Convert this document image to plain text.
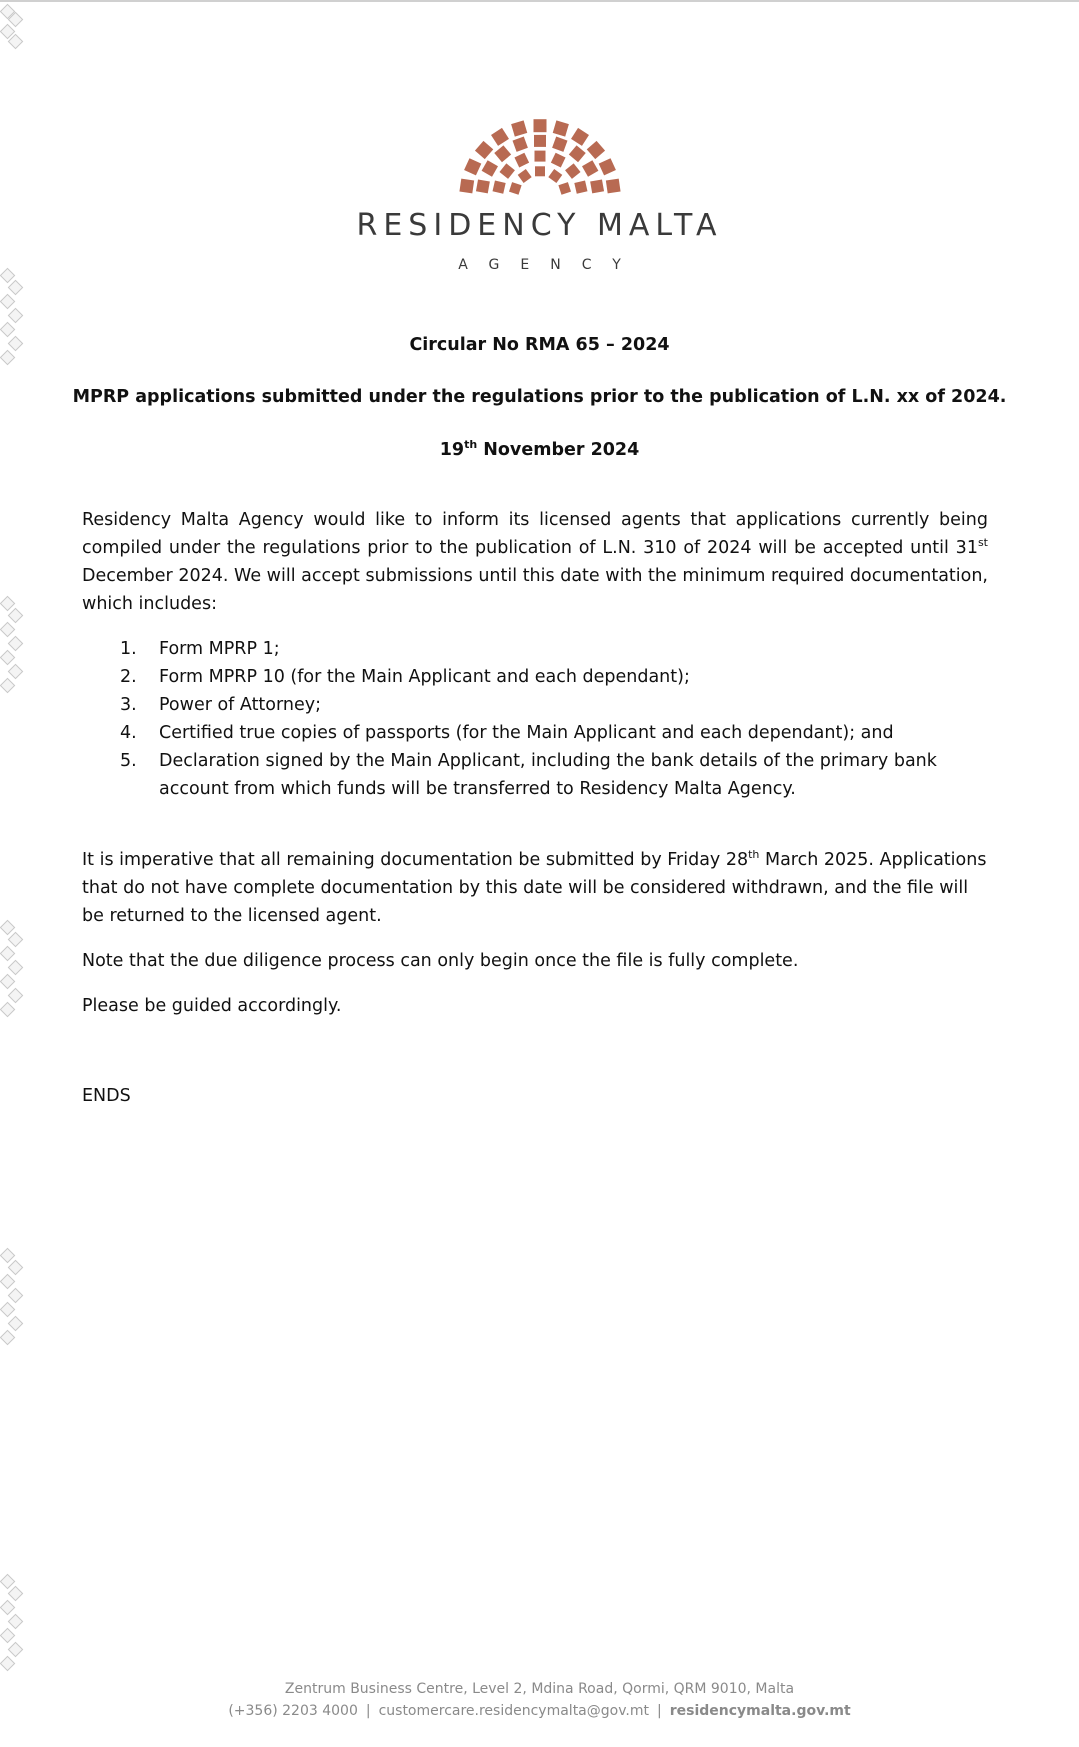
RESIDENCY MALTA
AGENCY
Circular No RMA 65 – 2024
MPRP applications submitted under the regulations prior to the publication of L.N. xx of 2024.
19th November 2024
Residency Malta Agency would like to inform its licensed agents that applications currently being compiled under the regulations prior to the publication of L.N. 310 of 2024 will be accepted until 31st December 2024. We will accept submissions until this date with the minimum required documentation, which includes:
1. Form MPRP 1;
2. Form MPRP 10 (for the Main Applicant and each dependant);
3. Power of Attorney;
4. Certified true copies of passports (for the Main Applicant and each dependant); and
5. Declaration signed by the Main Applicant, including the bank details of the primary bank account from which funds will be transferred to Residency Malta Agency.
It is imperative that all remaining documentation be submitted by Friday 28th March 2025. Applications that do not have complete documentation by this date will be considered withdrawn, and the file will be returned to the licensed agent.
Note that the due diligence process can only begin once the file is fully complete.
Please be guided accordingly.
ENDS
Zentrum Business Centre, Level 2, Mdina Road, Qormi, QRM 9010, Malta
(+356) 2203 4000 | customercare.residencymalta@gov.mt | residencymalta.gov.mt
